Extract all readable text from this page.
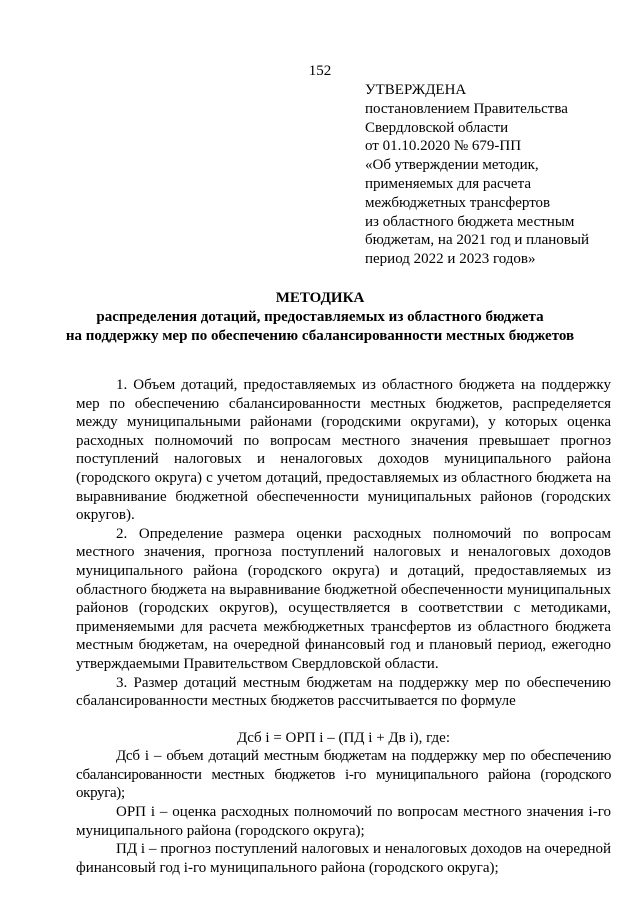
152
УТВЕРЖДЕНА
постановлением Правительства
Свердловской области
от 01.10.2020 № 679-ПП
«Об утверждении методик,
применяемых для расчета
межбюджетных трансфертов
из областного бюджета местным
бюджетам, на 2021 год и плановый
период 2022 и 2023 годов»
МЕТОДИКА
распределения дотаций, предоставляемых из областного бюджета
на поддержку мер по обеспечению сбалансированности местных бюджетов

1. Объем дотаций, предоставляемых из областного бюджета на поддержку мер по обеспечению сбалансированности местных бюджетов, распределяется между муниципальными районами (городскими округами), у которых оценка расходных полномочий по вопросам местного значения превышает прогноз поступлений налоговых и неналоговых доходов муниципального района (городского округа) с учетом дотаций, предоставляемых из областного бюджета на выравнивание бюджетной обеспеченности муниципальных районов (городских округов).

2. Определение размера оценки расходных полномочий по вопросам местного значения, прогноза поступлений налоговых и неналоговых доходов муниципального района (городского округа) и дотаций, предоставляемых из областного бюджета на выравнивание бюджетной обеспеченности муниципальных районов (городских округов), осуществляется в соответствии с методиками, применяемыми для расчета межбюджетных трансфертов из областного бюджета местным бюджетам, на очередной финансовый год и плановый период, ежегодно утверждаемыми Правительством Свердловской области.

3. Размер дотаций местным бюджетам на поддержку мер по обеспечению сбалансированности местных бюджетов рассчитывается по формуле

Дсб i = ОРП i – (ПД i + Дв i), где:

Дсб i – объем дотаций местным бюджетам на поддержку мер по обеспечению сбалансированности местных бюджетов i-го муниципального района (городского округа);

ОРП i – оценка расходных полномочий по вопросам местного значения i-го муниципального района (городского округа);

ПД i – прогноз поступлений налоговых и неналоговых доходов на очередной финансовый год i-го муниципального района (городского округа);
